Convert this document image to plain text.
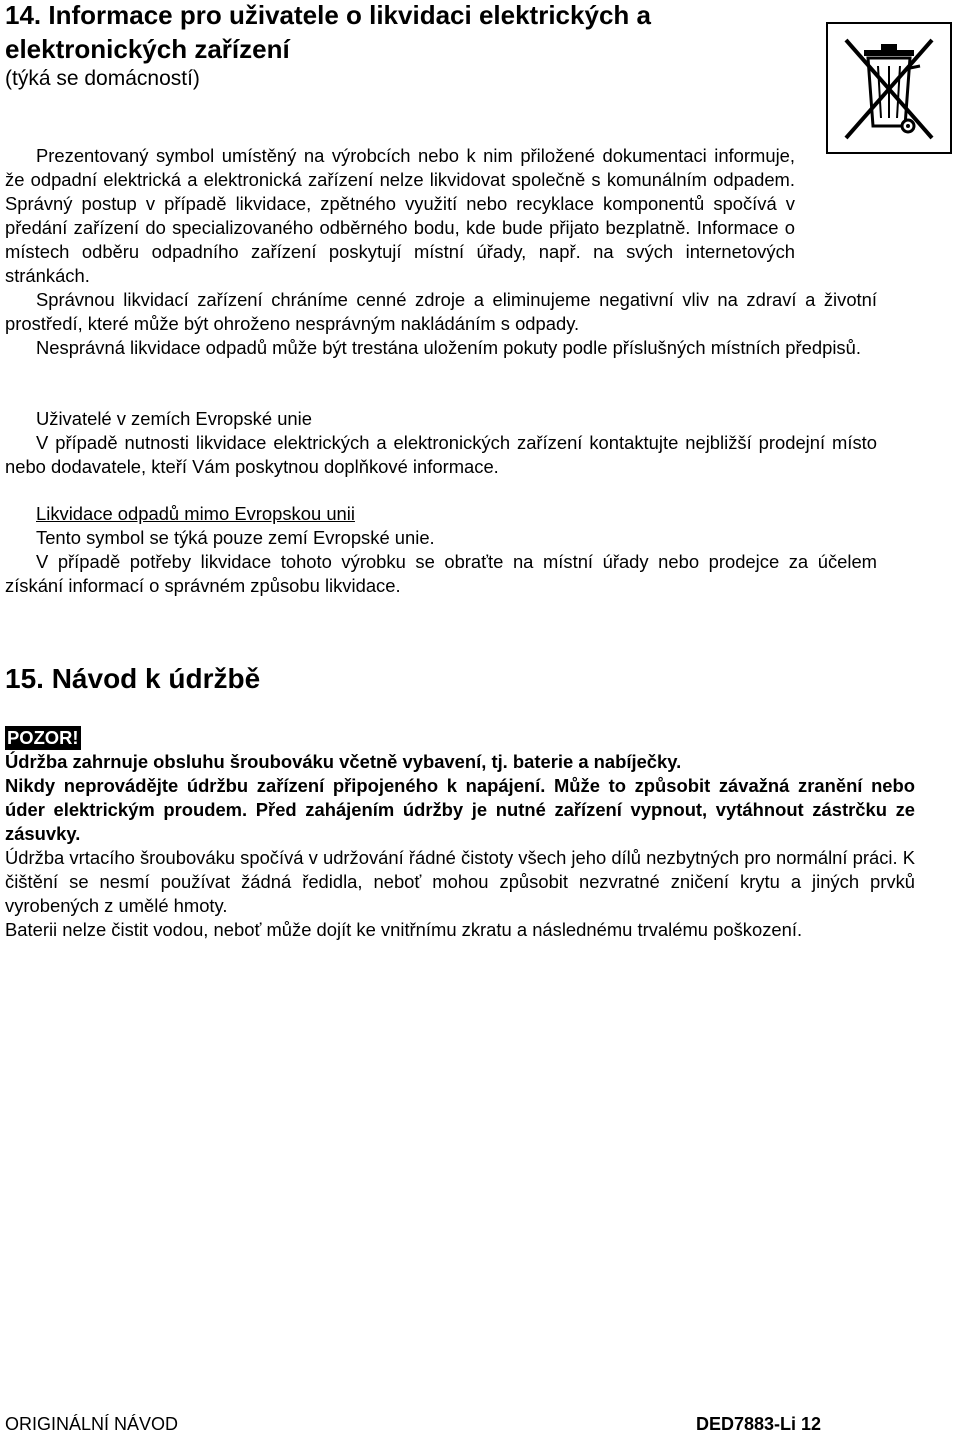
14. Informace pro uživatele o likvidaci elektrických a elektronických zařízení

(týká se domácností)

Prezentovaný symbol umístěný na výrobcích nebo k nim přiložené dokumentaci informuje, že odpadní elektrická a elektronická zařízení nelze likvidovat společně s komunálním odpadem. Správný postup v případě likvidace, zpětného využití nebo recyklace komponentů spočívá v předání zařízení do specializovaného odběrného bodu, kde bude přijato bezplatně. Informace o místech odběru odpadního zařízení poskytují místní úřady, např. na svých internetových stránkách.

Správnou likvidací zařízení chráníme cenné zdroje a eliminujeme negativní vliv na zdraví a životní prostředí, které může být ohroženo nesprávným nakládáním s odpady.

Nesprávná likvidace odpadů může být trestána uložením pokuty podle příslušných místních předpisů.

Uživatelé v zemích Evropské unie

V případě nutnosti likvidace elektrických a elektronických zařízení kontaktujte nejbližší prodejní místo nebo dodavatele, kteří Vám poskytnou doplňkové informace.

Likvidace odpadů mimo Evropskou unii

Tento symbol se týká pouze zemí Evropské unie.

V případě potřeby likvidace tohoto výrobku se obraťte na místní úřady nebo prodejce za účelem získání informací o správném způsobu likvidace.

15. Návod k údržbě

POZOR!

Údržba zahrnuje obsluhu šroubováku včetně vybavení, tj. baterie a nabíječky.

Nikdy neprovádějte údržbu zařízení připojeného k napájení. Může to způsobit závažná zranění nebo úder elektrickým proudem. Před zahájením údržby je nutné zařízení vypnout, vytáhnout zástrčku ze zásuvky.

Údržba vrtacího šroubováku spočívá v udržování řádné čistoty všech jeho dílů nezbytných pro normální práci. K čištění se nesmí používat žádná ředidla, neboť mohou způsobit nezvratné zničení krytu a jiných prvků vyrobených z umělé hmoty.

Baterii nelze čistit vodou, neboť může dojít ke vnitřnímu zkratu a následnému trvalému poškození.

ORIGINÁLNÍ NÁVOD	DED7883-Li 12
